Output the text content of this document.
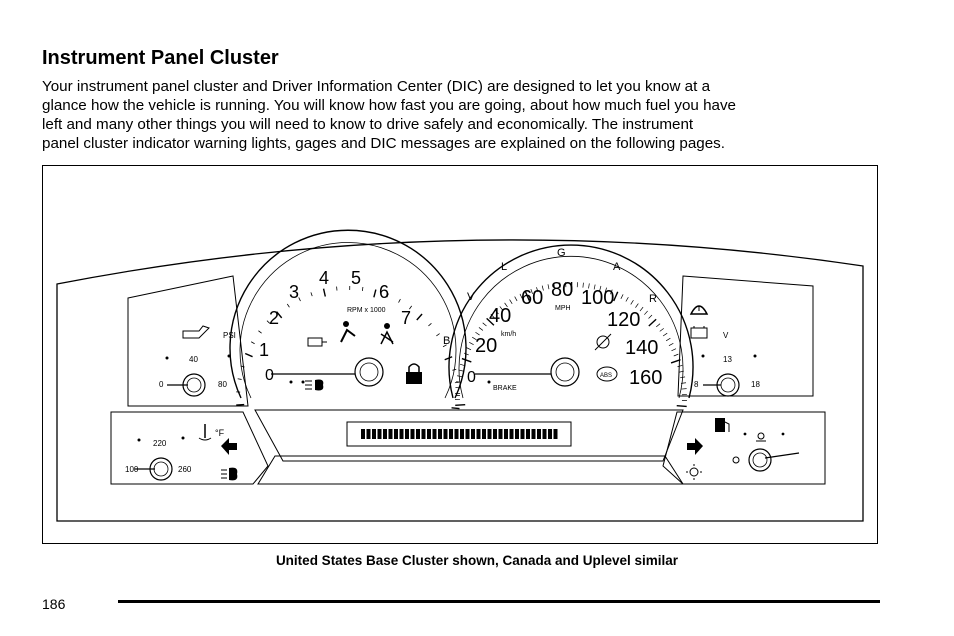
Instrument Panel Cluster

Your instrument panel cluster and Driver Information Center (DIC) are designed to let you know at a
glance how the vehicle is running. You will know how fast you are going, about how much fuel you have
left and many other things you will need to know to drive safely and economically. The instrument
panel cluster indicator warning lights, gages and DIC messages are explained on the following pages.

1
2
3
4 5
6
7
0
RPM x 1000
0
20
40
60 80 100
120
140
160
MPH
km/h
B
V
L
G
A
R
BRAKE
ABS
PSI
40
0	80
V
13
8	18
°F
220
100	260
United States Base Cluster shown, Canada and Uplevel similar
186
